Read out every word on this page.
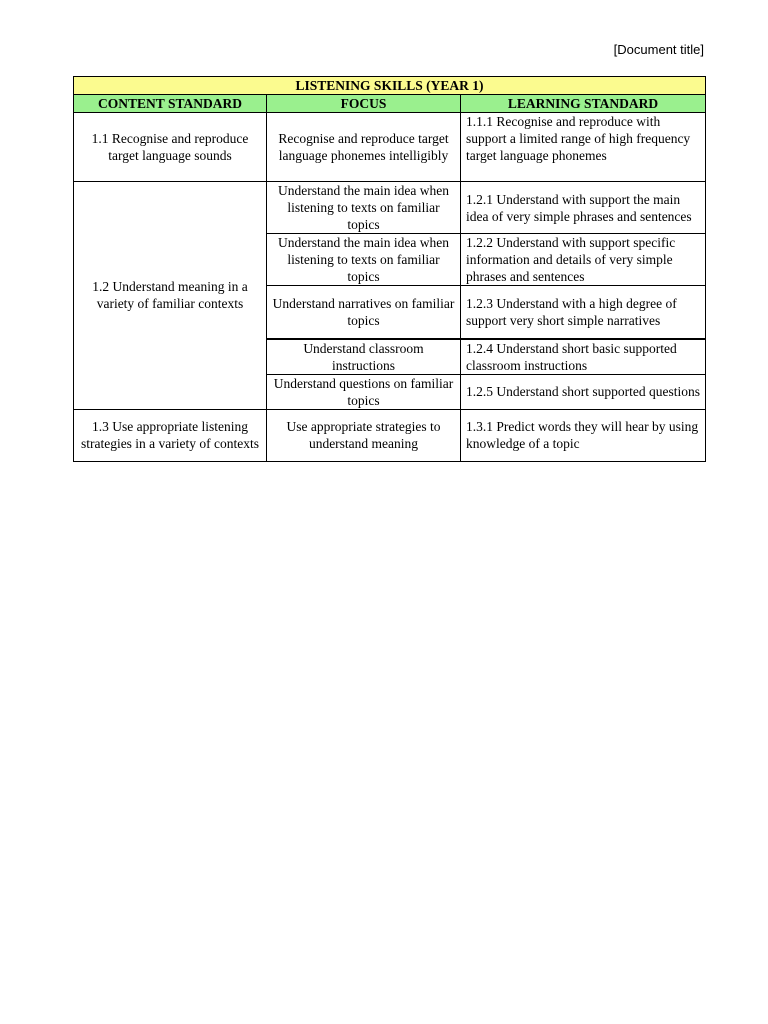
[Document title]
LISTENING SKILLS (YEAR 1)		
CONTENT STANDARD	FOCUS	LEARNING STANDARD
1.1 Recognise and reproduce target language sounds	Recognise and reproduce target language phonemes intelligibly	1.1.1 Recognise and reproduce with support a limited range of high frequency target language phonemes
1.2 Understand meaning in a variety of familiar contexts	Understand the main idea when listening to texts on familiar topics	1.2.1 Understand with support the main idea of very simple phrases and sentences
	Understand the main idea when listening to texts on familiar topics	1.2.2 Understand with support specific information and details of very simple phrases and sentences
	Understand narratives on familiar topics	1.2.3 Understand with a high degree of support very short simple narratives
	Understand classroom instructions	1.2.4 Understand short basic supported classroom instructions
	Understand questions on familiar topics	1.2.5 Understand short supported questions
1.3 Use appropriate listening strategies in a variety of contexts	Use appropriate strategies to understand meaning	1.3.1 Predict words they will hear by using knowledge of a topic
